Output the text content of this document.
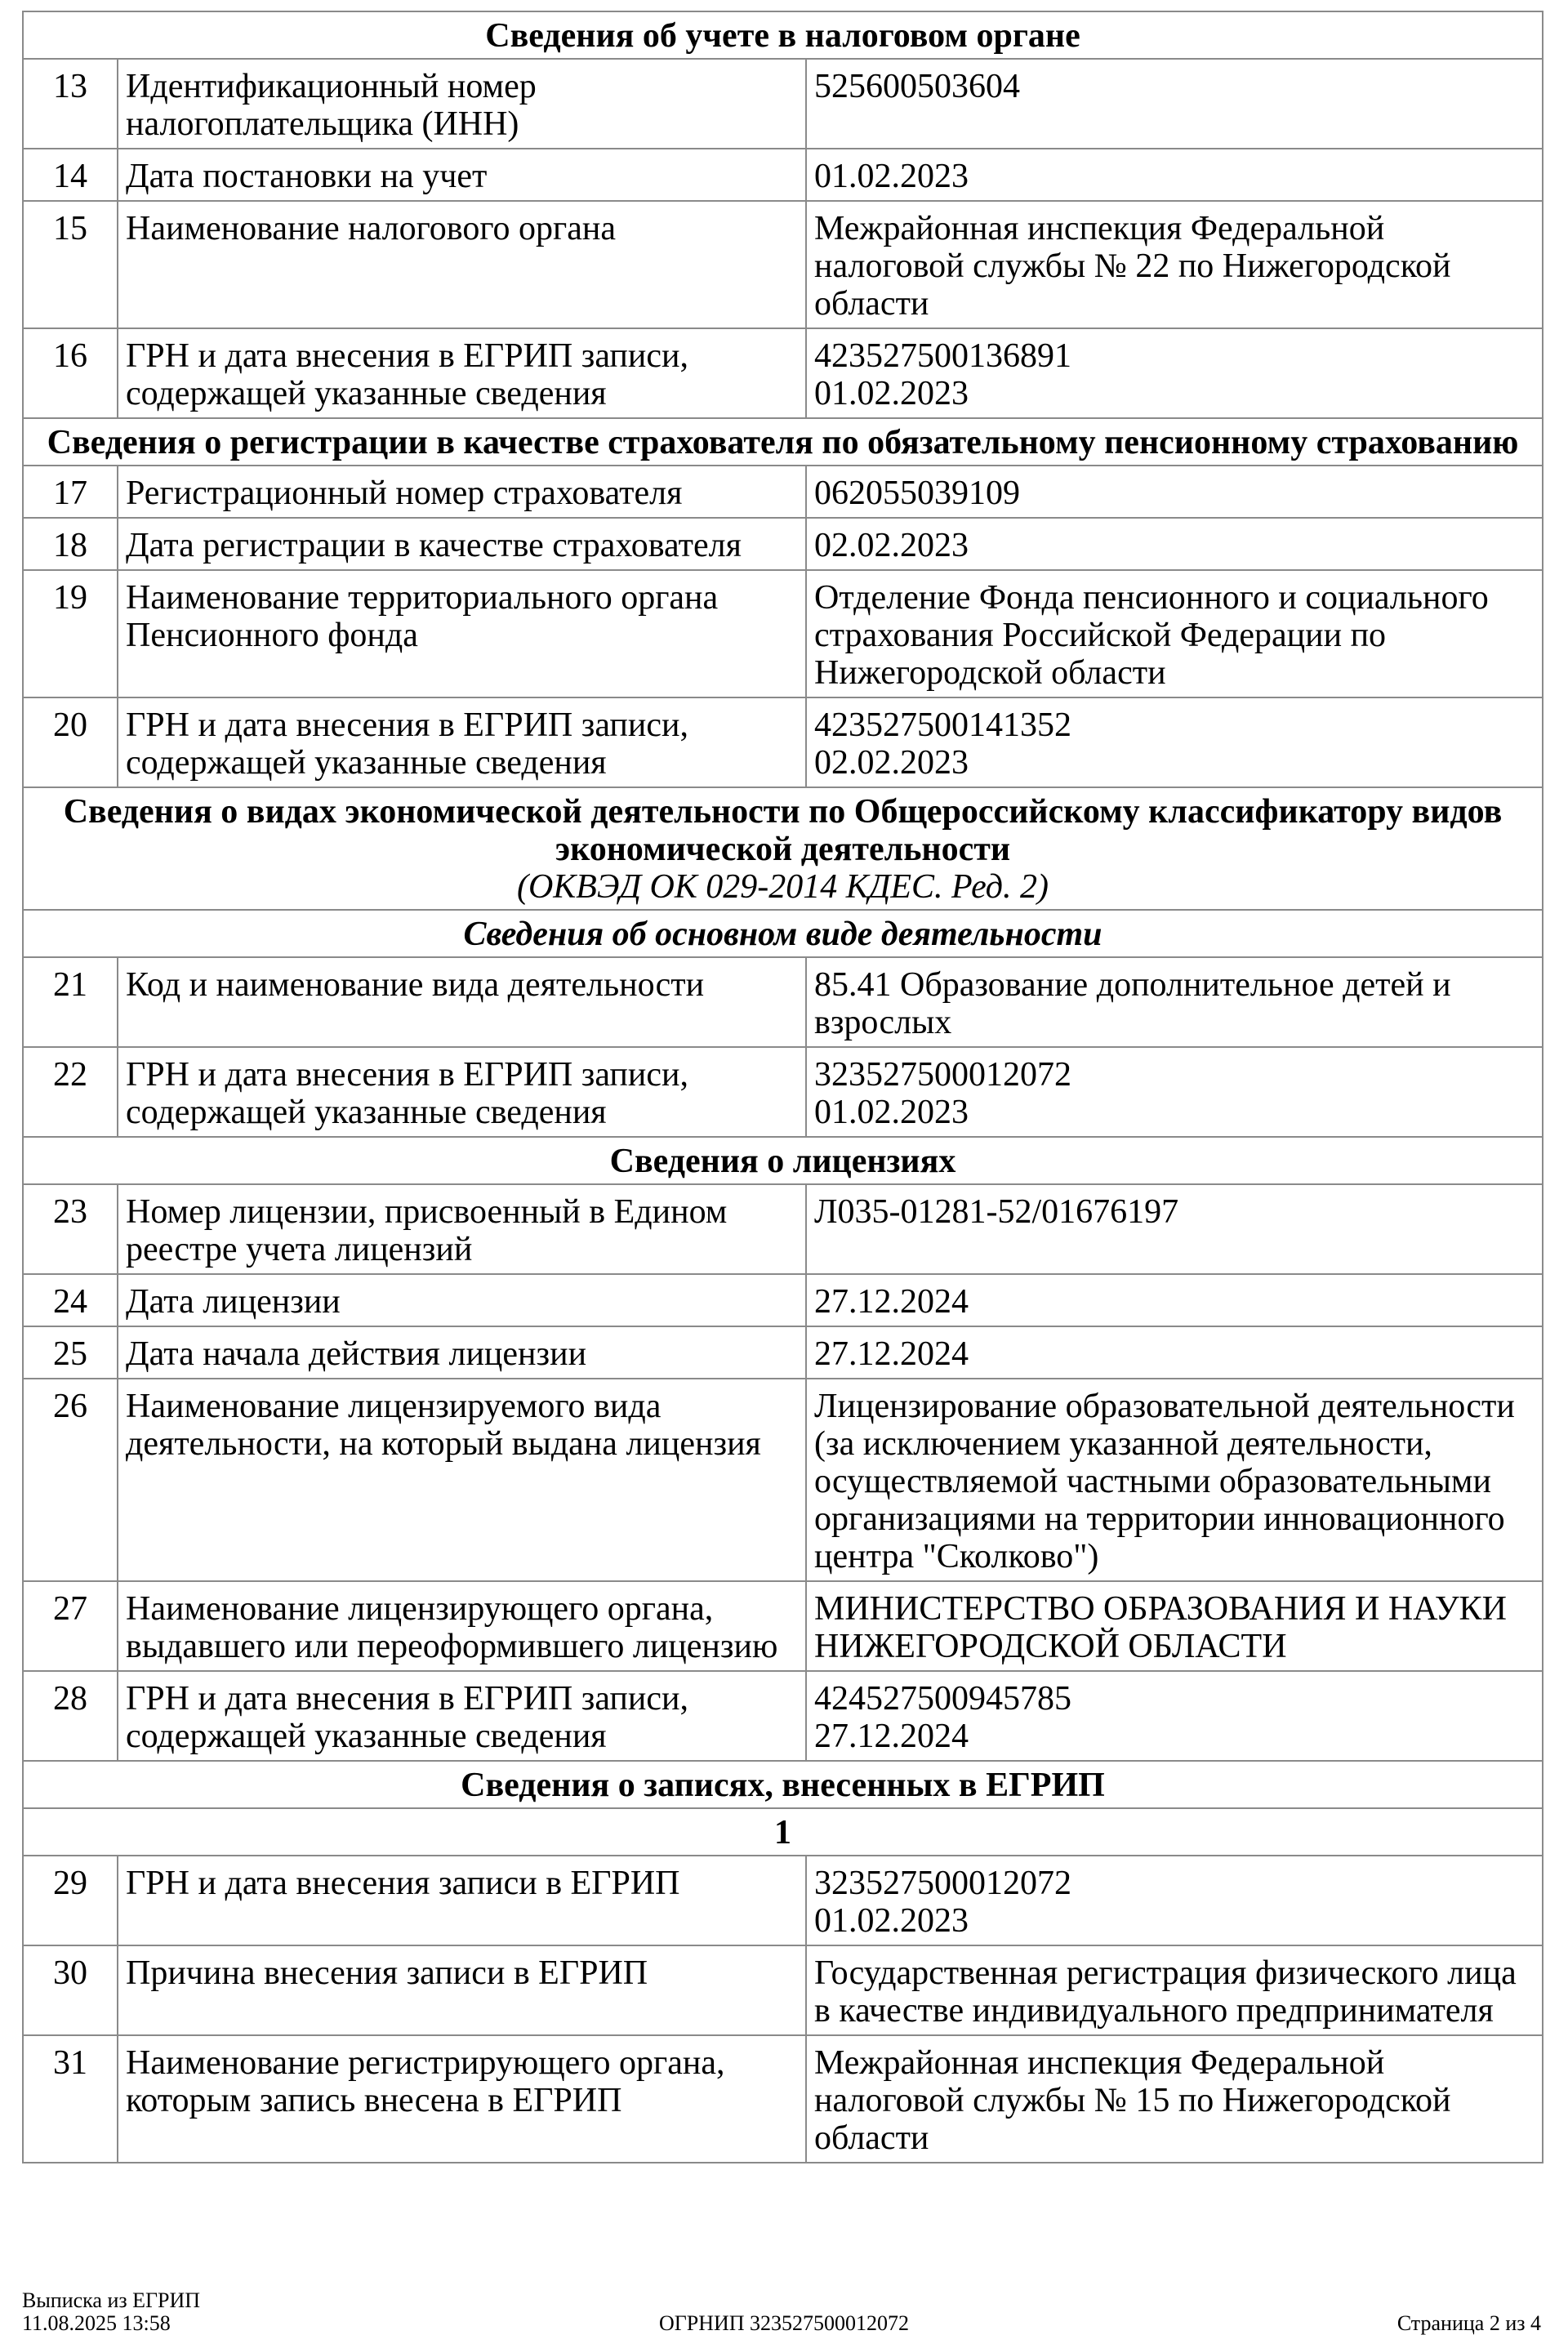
Сведения об учете в налоговом органе		
13	Идентификационный номер налогоплательщика (ИНН)	525600503604
14	Дата постановки на учет	01.02.2023
15	Наименование налогового органа	Межрайонная инспекция Федеральной налоговой службы № 22 по Нижегородской области
16	ГРН и дата внесения в ЕГРИП записи, содержащей указанные сведения	423527500136891
01.02.2023

Сведения о регистрации в качестве страхователя по обязательному пенсионному страхованию		
17	Регистрационный номер страхователя	062055039109
18	Дата регистрации в качестве страхователя	02.02.2023
19	Наименование территориального органа Пенсионного фонда	Отделение Фонда пенсионного и социального страхования Российской Федерации по Нижегородской области
20	ГРН и дата внесения в ЕГРИП записи, содержащей указанные сведения	423527500141352
02.02.2023

Сведения о видах экономической деятельности по Общероссийскому классификатору видов экономической деятельности
(ОКВЭД ОК 029-2014 КДЕС. Ред. 2)		

Сведения об основном виде деятельности		
21	Код и наименование вида деятельности	85.41 Образование дополнительное детей и взрослых
22	ГРН и дата внесения в ЕГРИП записи, содержащей указанные сведения	323527500012072
01.02.2023

Сведения о лицензиях		
23	Номер лицензии, присвоенный в Едином реестре учета лицензий	Л035-01281-52/01676197
24	Дата лицензии	27.12.2024
25	Дата начала действия лицензии	27.12.2024
26	Наименование лицензируемого вида деятельности, на который выдана лицензия	Лицензирование образовательной деятельности (за исключением указанной деятельности, осуществляемой частными образовательными организациями на территории инновационного центра "Сколково")
27	Наименование лицензирующего органа, выдавшего или переоформившего лицензию	МИНИСТЕРСТВО ОБРАЗОВАНИЯ И НАУКИ НИЖЕГОРОДСКОЙ ОБЛАСТИ
28	ГРН и дата внесения в ЕГРИП записи, содержащей указанные сведения	424527500945785
27.12.2024

Сведения о записях, внесенных в ЕГРИП		
1		
29	ГРН и дата внесения записи в ЕГРИП	323527500012072
01.02.2023

30	Причина внесения записи в ЕГРИП	Государственная регистрация физического лица в качестве индивидуального предпринимателя
31	Наименование регистрирующего органа, которым запись внесена в ЕГРИП	Межрайонная инспекция Федеральной налоговой службы № 15 по Нижегородской области
Выписка из ЕГРИП
11.08.2025 13:58	ОГРНИП 323527500012072	Страница 2 из 4
